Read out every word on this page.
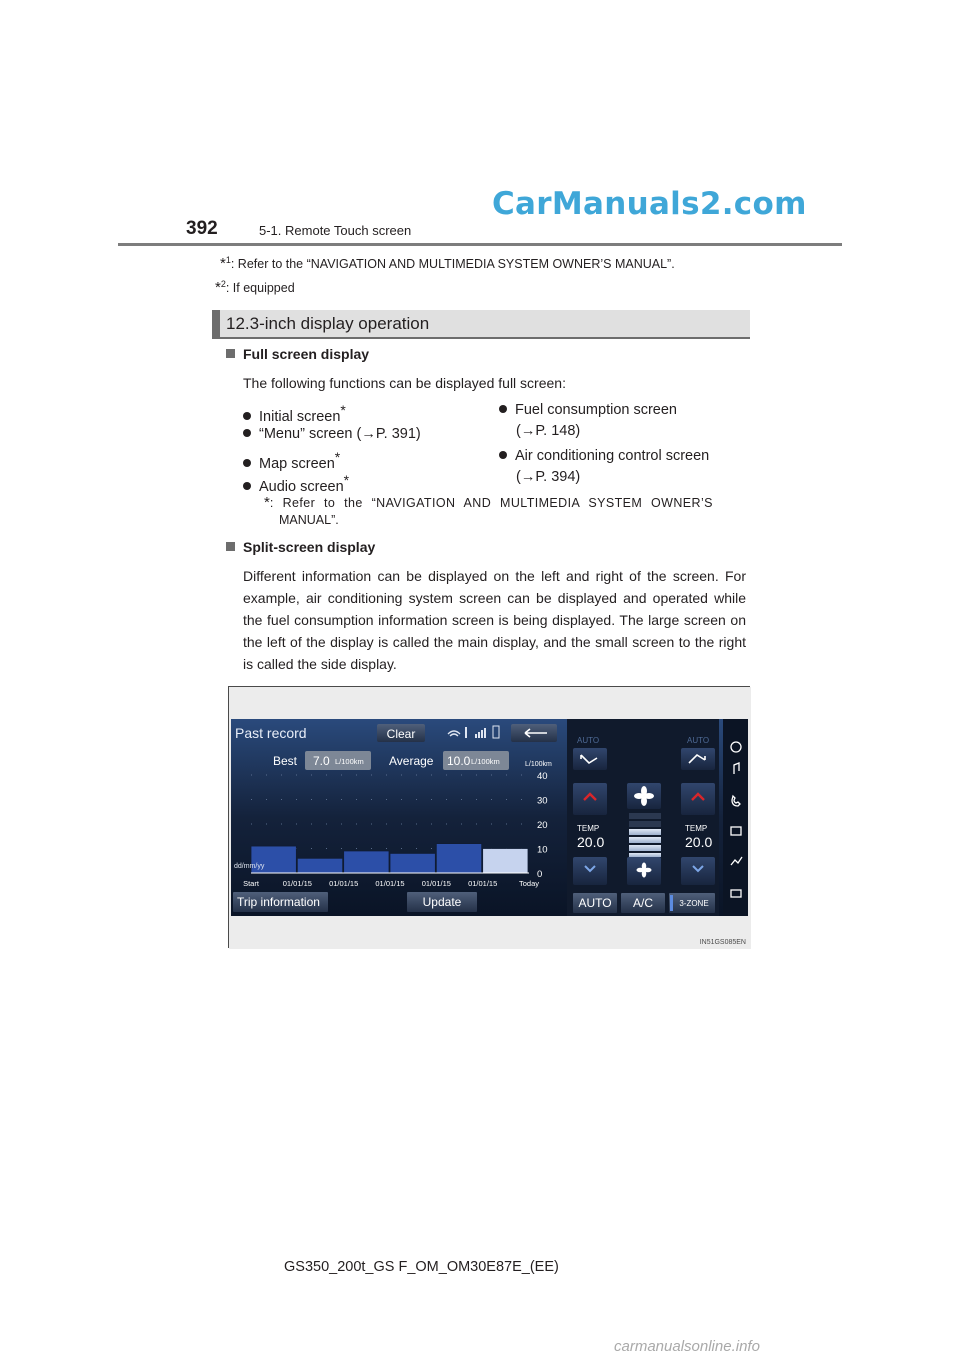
CarManuals2.com
392	5-1. Remote Touch screen
*$^1$: Refer to the “NAVIGATION AND MULTIMEDIA SYSTEM OWNER’S MANUAL”.
*$^2$: If equipped
12.3-inch display operation
Full screen display
The following functions can be displayed full screen:
Initial screen*
“Menu” screen (→P. 391)
Map screen*
Audio screen*
Fuel consumption screen
(→P. 148)
Air conditioning control screen
(→P. 394)
*: Refer to the “NAVIGATION AND MULTIMEDIA SYSTEM OWNER’S
MANUAL”.
Split-screen display
Different information can be displayed on the left and right of the screen. For example, air conditioning system screen can be displayed and operated while the fuel consumption information screen is being displayed. The large screen on the left of the display is called the main display, and the small screen to the right is called the side display.
Past record	Clear
Best 7.0 L/100km Average 10.0 L/100km	L/100km
0
10
20
30
40
Start	01/01/15 01/01/15 01/01/15 01/01/15 01/01/15	Today
dd/mm/yy
Trip information	Update
AUTO	AUTO
TEMP
20.0
TEMP
20.0
AUTO A/C	3-ZONE
IN51GS085EN
GS350_200t_GS F_OM_OM30E87E_(EE)
carmanualsonline.info
